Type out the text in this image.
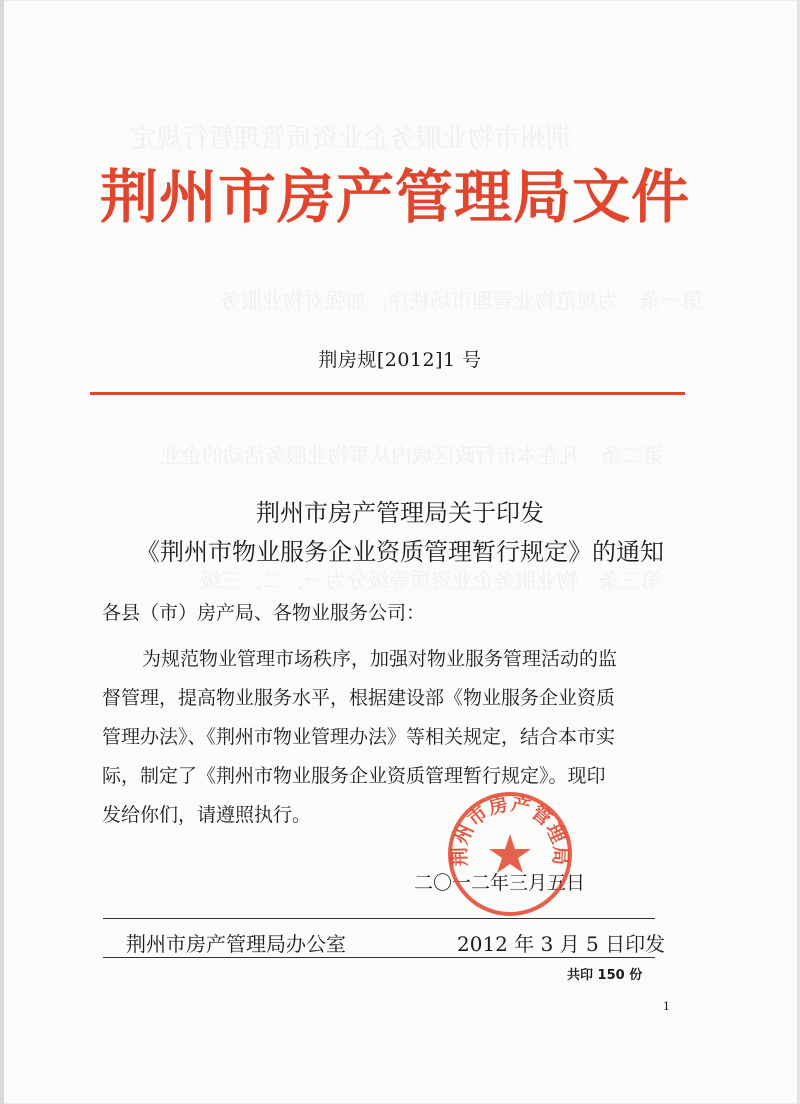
荆州市物业服务企业资质管理暂行规定
　　第一条　为规范物业管理市场秩序，加强对物业服务
第二条　凡在本市行政区域内从事物业服务活动的企业
　　第三条　物业服务企业资质等级分为一、二、三级
荆州市房产管理局文件
荆房规[2012]1 号
荆州市房产管理局关于印发
《荆州市物业服务企业资质管理暂行规定》的通知
各县（市）房产局、各物业服务公司：
为规范物业管理市场秩序，加强对物业服务管理活动的监
督管理，提高物业服务水平，根据建设部《物业服务企业资质
管理办法》、《荆州市物业管理办法》等相关规定，结合本市实
际，制定了《荆州市物业服务企业资质管理暂行规定》。现印
发给你们，请遵照执行。
二〇一二年三月五日
荆州市房产管理局
荆州市房产管理局办公室	2012 年 3 月 5 日印发
共印 150 份
1
